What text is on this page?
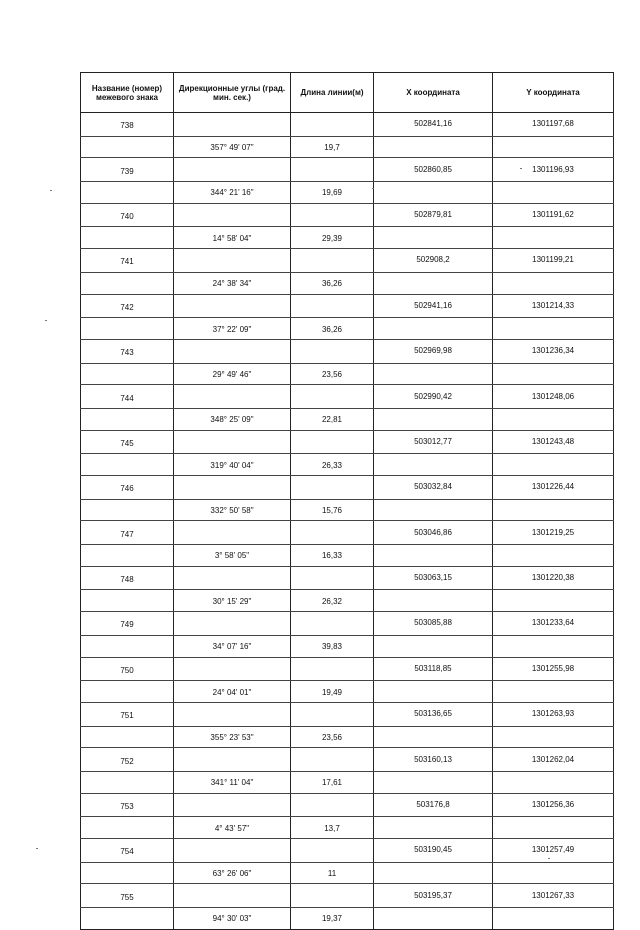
Название (номер) межевого знака	Дирекционные углы (град. мин. сек.)	Длина линии(м)	X координата	Y координата
738			502841,16	1301197,68
	357° 49' 07"	19,7		
739			502860,85	1301196,93
	344° 21' 16"	19,69		
740			502879,81	1301191,62
	14° 58' 04"	29,39		
741			502908,2	1301199,21
	24° 38' 34"	36,26		
742			502941,16	1301214,33
	37° 22' 09"	36,26		
743			502969,98	1301236,34
	29° 49' 46"	23,56		
744			502990,42	1301248,06
	348° 25' 09"	22,81		
745			503012,77	1301243,48
	319° 40' 04"	26,33		
746			503032,84	1301226,44
	332° 50' 58"	15,76		
747			503046,86	1301219,25
	3° 58' 05"	16,33		
748			503063,15	1301220,38
	30° 15' 29"	26,32		
749			503085,88	1301233,64
	34° 07' 16"	39,83		
750			503118,85	1301255,98
	24° 04' 01"	19,49		
751			503136,65	1301263,93
	355° 23' 53"	23,56		
752			503160,13	1301262,04
	341° 11' 04"	17,61		
753			503176,8	1301256,36
	4° 43' 57"	13,7		
754			503190,45	1301257,49
	63° 26' 06"	11		
755			503195,37	1301267,33
	94° 30' 03"	19,37		
